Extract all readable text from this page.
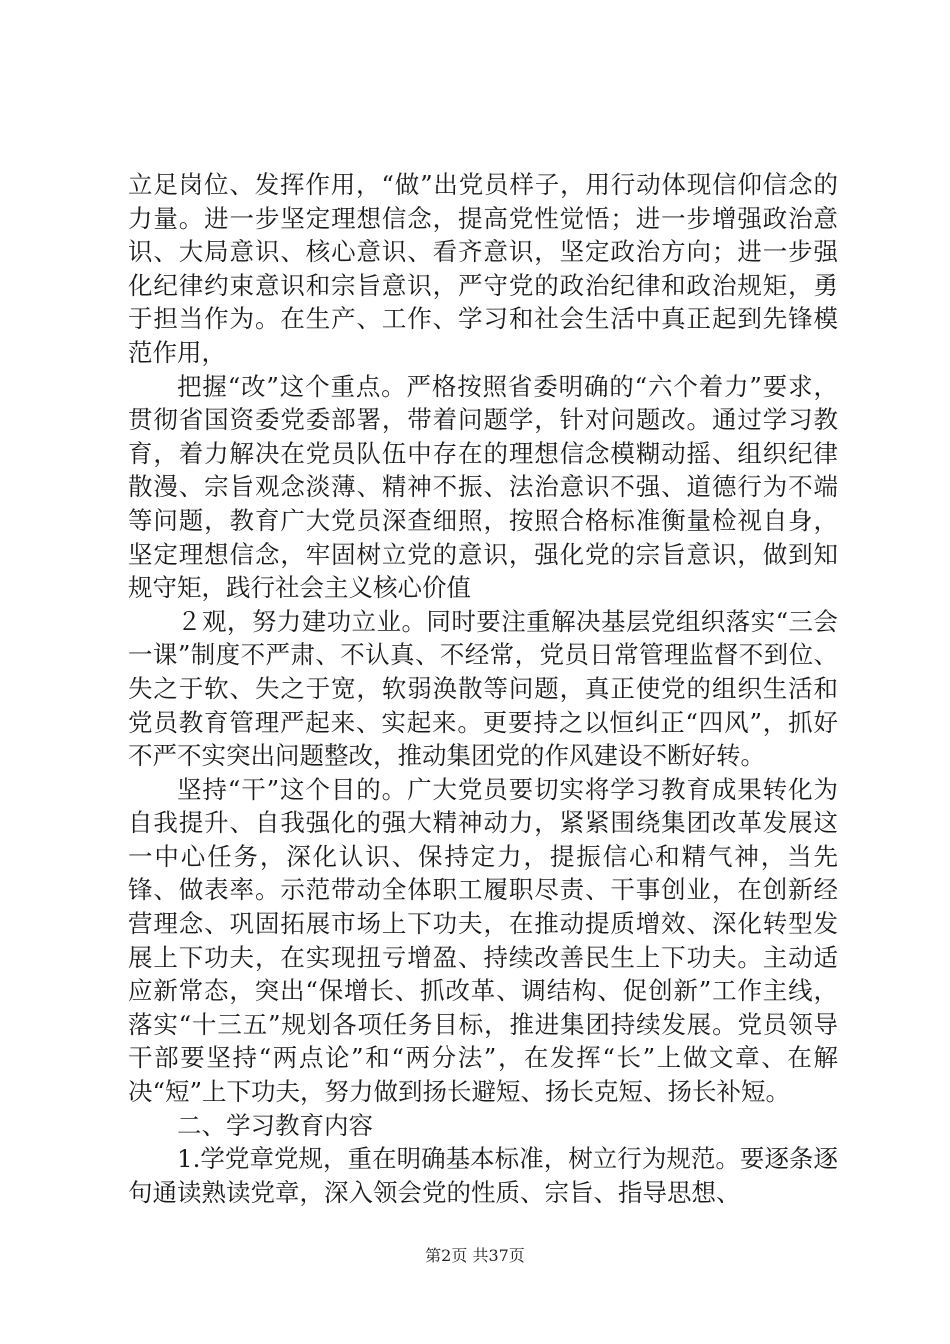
立足岗位、发挥作用，“做”出党员样子，用行动体现信仰信念的力量。进一步坚定理想信念，提高党性觉悟；进一步增强政治意识、大局意识、核心意识、看齐意识，坚定政治方向；进一步强化纪律约束意识和宗旨意识，严守党的政治纪律和政治规矩，勇于担当作为。在生产、工作、学习和社会生活中真正起到先锋模范作用，

把握“改”这个重点。严格按照省委明确的“六个着力”要求，贯彻省国资委党委部署，带着问题学，针对问题改。通过学习教育，着力解决在党员队伍中存在的理想信念模糊动摇、组织纪律散漫、宗旨观念淡薄、精神不振、法治意识不强、道德行为不端等问题，教育广大党员深查细照，按照合格标准衡量检视自身，坚定理想信念，牢固树立党的意识，强化党的宗旨意识，做到知规守矩，践行社会主义核心价值

２观，努力建功立业。同时要注重解决基层党组织落实“三会一课”制度不严肃、不认真、不经常，党员日常管理监督不到位、失之于软、失之于宽，软弱涣散等问题，真正使党的组织生活和党员教育管理严起来、实起来。更要持之以恒纠正“四风”，抓好不严不实突出问题整改，推动集团党的作风建设不断好转。

坚持“干”这个目的。广大党员要切实将学习教育成果转化为自我提升、自我强化的强大精神动力，紧紧围绕集团改革发展这一中心任务，深化认识、保持定力，提振信心和精气神，当先锋、做表率。示范带动全体职工履职尽责、干事创业，在创新经营理念、巩固拓展市场上下功夫，在推动提质增效、深化转型发展上下功夫，在实现扭亏增盈、持续改善民生上下功夫。主动适应新常态，突出“保增长、抓改革、调结构、促创新”工作主线，落实“十三五”规划各项任务目标，推进集团持续发展。党员领导干部要坚持“两点论”和“两分法”，在发挥“长”上做文章、在解决“短”上下功夫，努力做到扬长避短、扬长克短、扬长补短。

二、学习教育内容

1.学党章党规，重在明确基本标准，树立行为规范。要逐条逐句通读熟读党章，深入领会党的性质、宗旨、指导思想、

第2页 共37页
